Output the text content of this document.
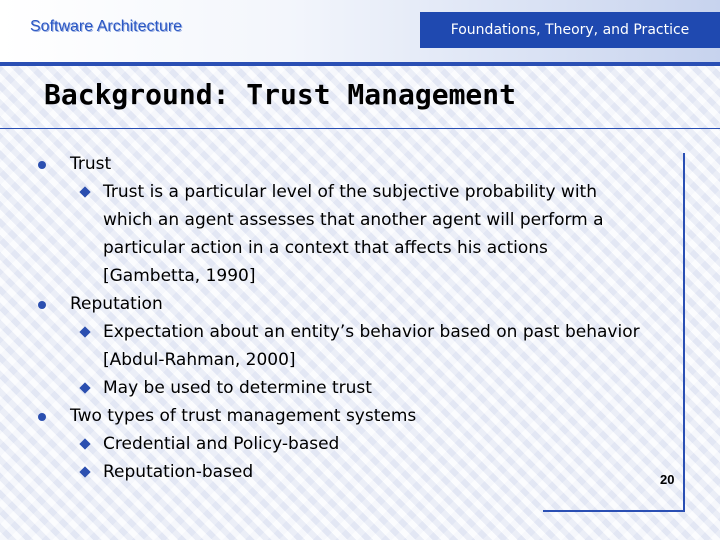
Software Architecture	Foundations, Theory, and Practice
Background: Trust Management
Trust
Trust is a particular level of the subjective probability with which an agent assesses that another agent will perform a particular action in a context that affects his actions [Gambetta, 1990]
Reputation
Expectation about an entity’s behavior based on past behavior [Abdul-Rahman, 2000]
May be used to determine trust
Two types of trust management systems
Credential and Policy-based
Reputation-based	20
